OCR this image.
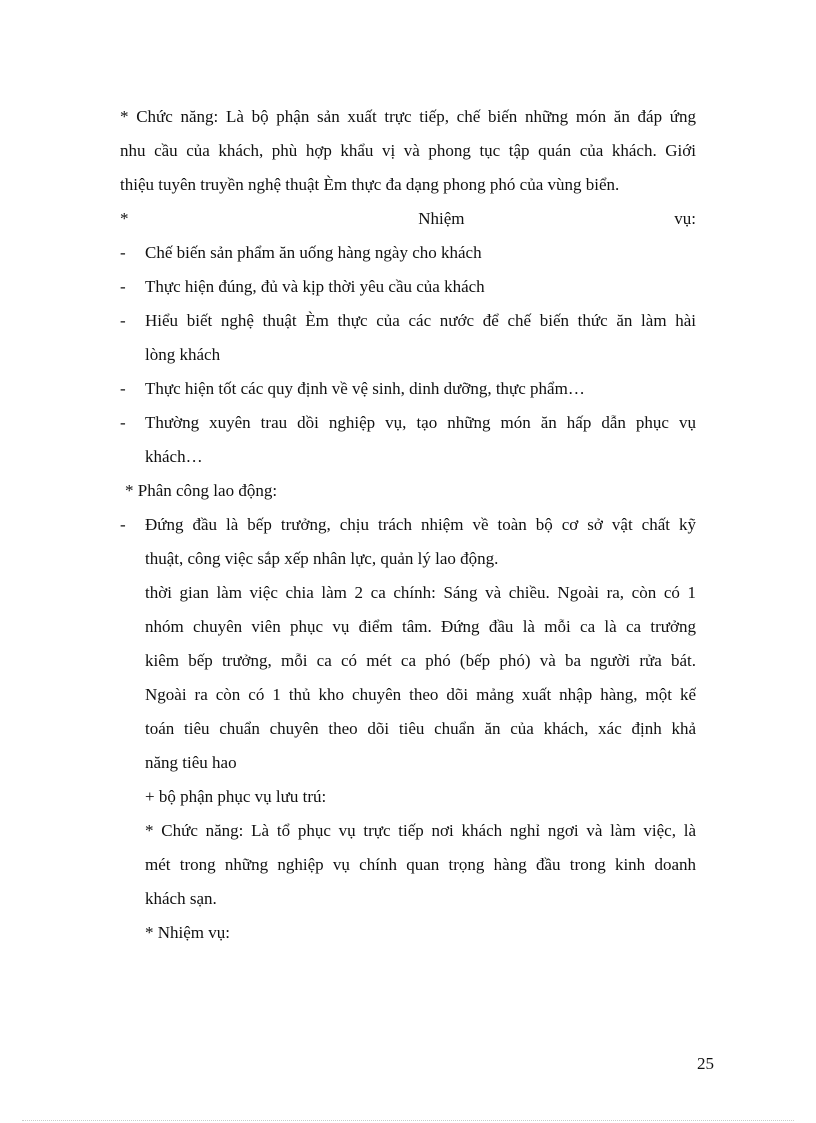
* Chức năng: Là bộ phận sản xuất trực tiếp, chế biến những món ăn đáp ứng
nhu cầu của khách, phù hợp khẩu vị và phong tục tập quán của khách. Giới
thiệu tuyên truyền nghệ thuật Èm thực đa dạng phong phó của vùng biển.
*	Nhiệm	vụ:
- Chế biến sản phẩm ăn uống hàng ngày cho khách
- Thực hiện đúng, đủ và kịp thời yêu cầu của khách
- Hiểu biết nghệ thuật Èm thực của các nước để chế biến thức ăn làm hài
lòng khách
- Thực hiện tốt các quy định về vệ sinh, dinh dưỡng, thực phẩm…
- Thường xuyên trau dồi nghiệp vụ, tạo những món ăn hấp dẫn phục vụ
khách…
* Phân công lao động:
- Đứng đầu là bếp trưởng, chịu trách nhiệm về toàn bộ cơ sở vật chất kỹ
thuật, công việc sắp xếp nhân lực, quản lý lao động.
thời gian làm việc chia làm 2 ca chính: Sáng và chiều. Ngoài ra, còn có 1
nhóm chuyên viên phục vụ điểm tâm. Đứng đầu là mỗi ca là ca trưởng
kiêm bếp trưởng, mỗi ca có mét ca phó (bếp phó) và ba người rửa bát.
Ngoài ra còn có 1 thủ kho chuyên theo dõi mảng xuất nhập hàng, một kế
toán tiêu chuẩn chuyên theo dõi tiêu chuẩn ăn của khách, xác định khả
năng tiêu hao
+ bộ phận phục vụ lưu trú:
* Chức năng: Là tổ phục vụ trực tiếp nơi khách nghỉ ngơi và làm việc, là
mét trong những nghiệp vụ chính quan trọng hàng đầu trong kinh doanh
khách sạn.
* Nhiệm vụ:
25
